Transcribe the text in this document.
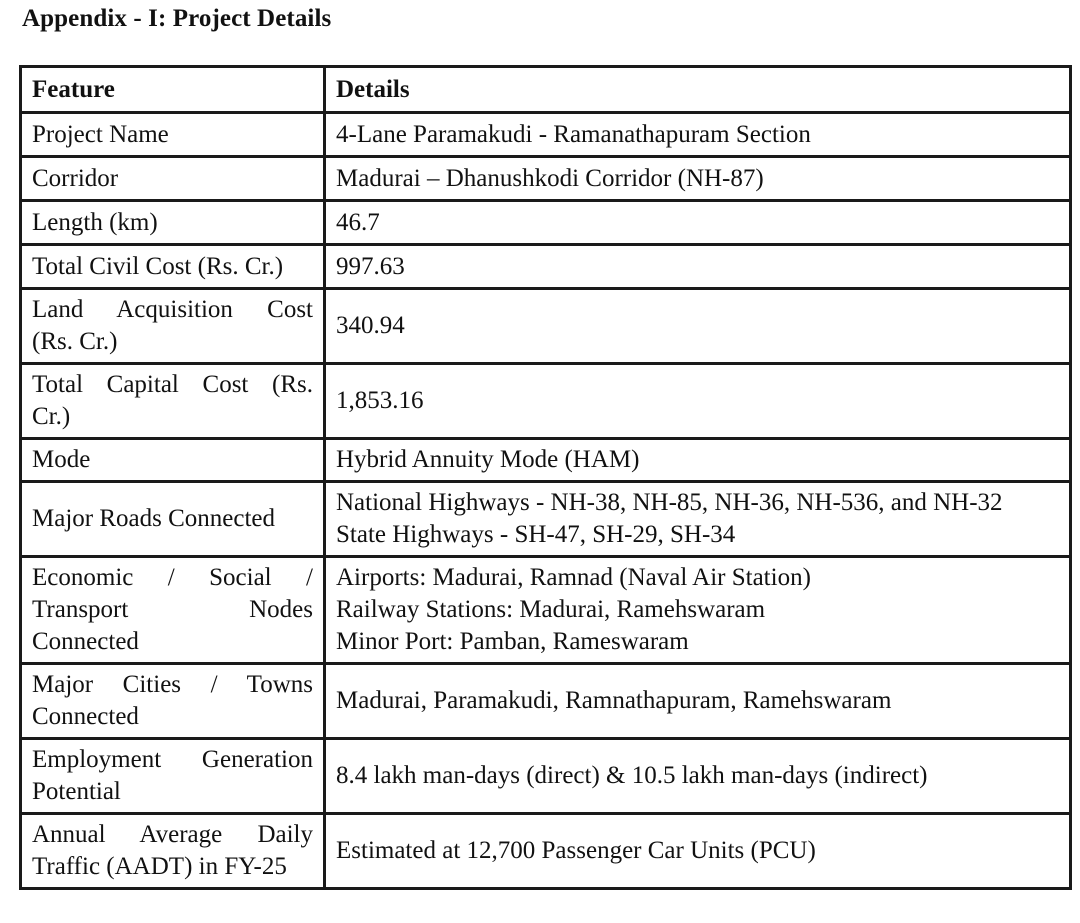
Appendix - I: Project Details
Feature	Details

Project Name	4-Lane Paramakudi - Ramanathapuram Section

Corridor	Madurai – Dhanushkodi Corridor (NH-87)

Length (km)	46.7

Total Civil Cost (Rs. Cr.)	997.63

Land Acquisition Cost
(Rs. Cr.)	340.94

Total Capital Cost (Rs.
Cr.)	1,853.16

Mode	Hybrid Annuity Mode (HAM)

Major Roads Connected	National Highways - NH-38, NH-85, NH-36, NH-536, and NH-32
State Highways - SH-47, SH-29, SH-34

Economic / Social /
Transport Nodes
Connected	Airports: Madurai, Ramnad (Naval Air Station)
Railway Stations: Madurai, Ramehswaram
Minor Port: Pamban, Rameswaram

Major Cities / Towns
Connected	Madurai, Paramakudi, Ramnathapuram, Ramehswaram

Employment Generation
Potential	8.4 lakh man-days (direct) & 10.5 lakh man-days (indirect)

Annual Average Daily
Traffic (AADT) in FY-25	Estimated at 12,700 Passenger Car Units (PCU)
